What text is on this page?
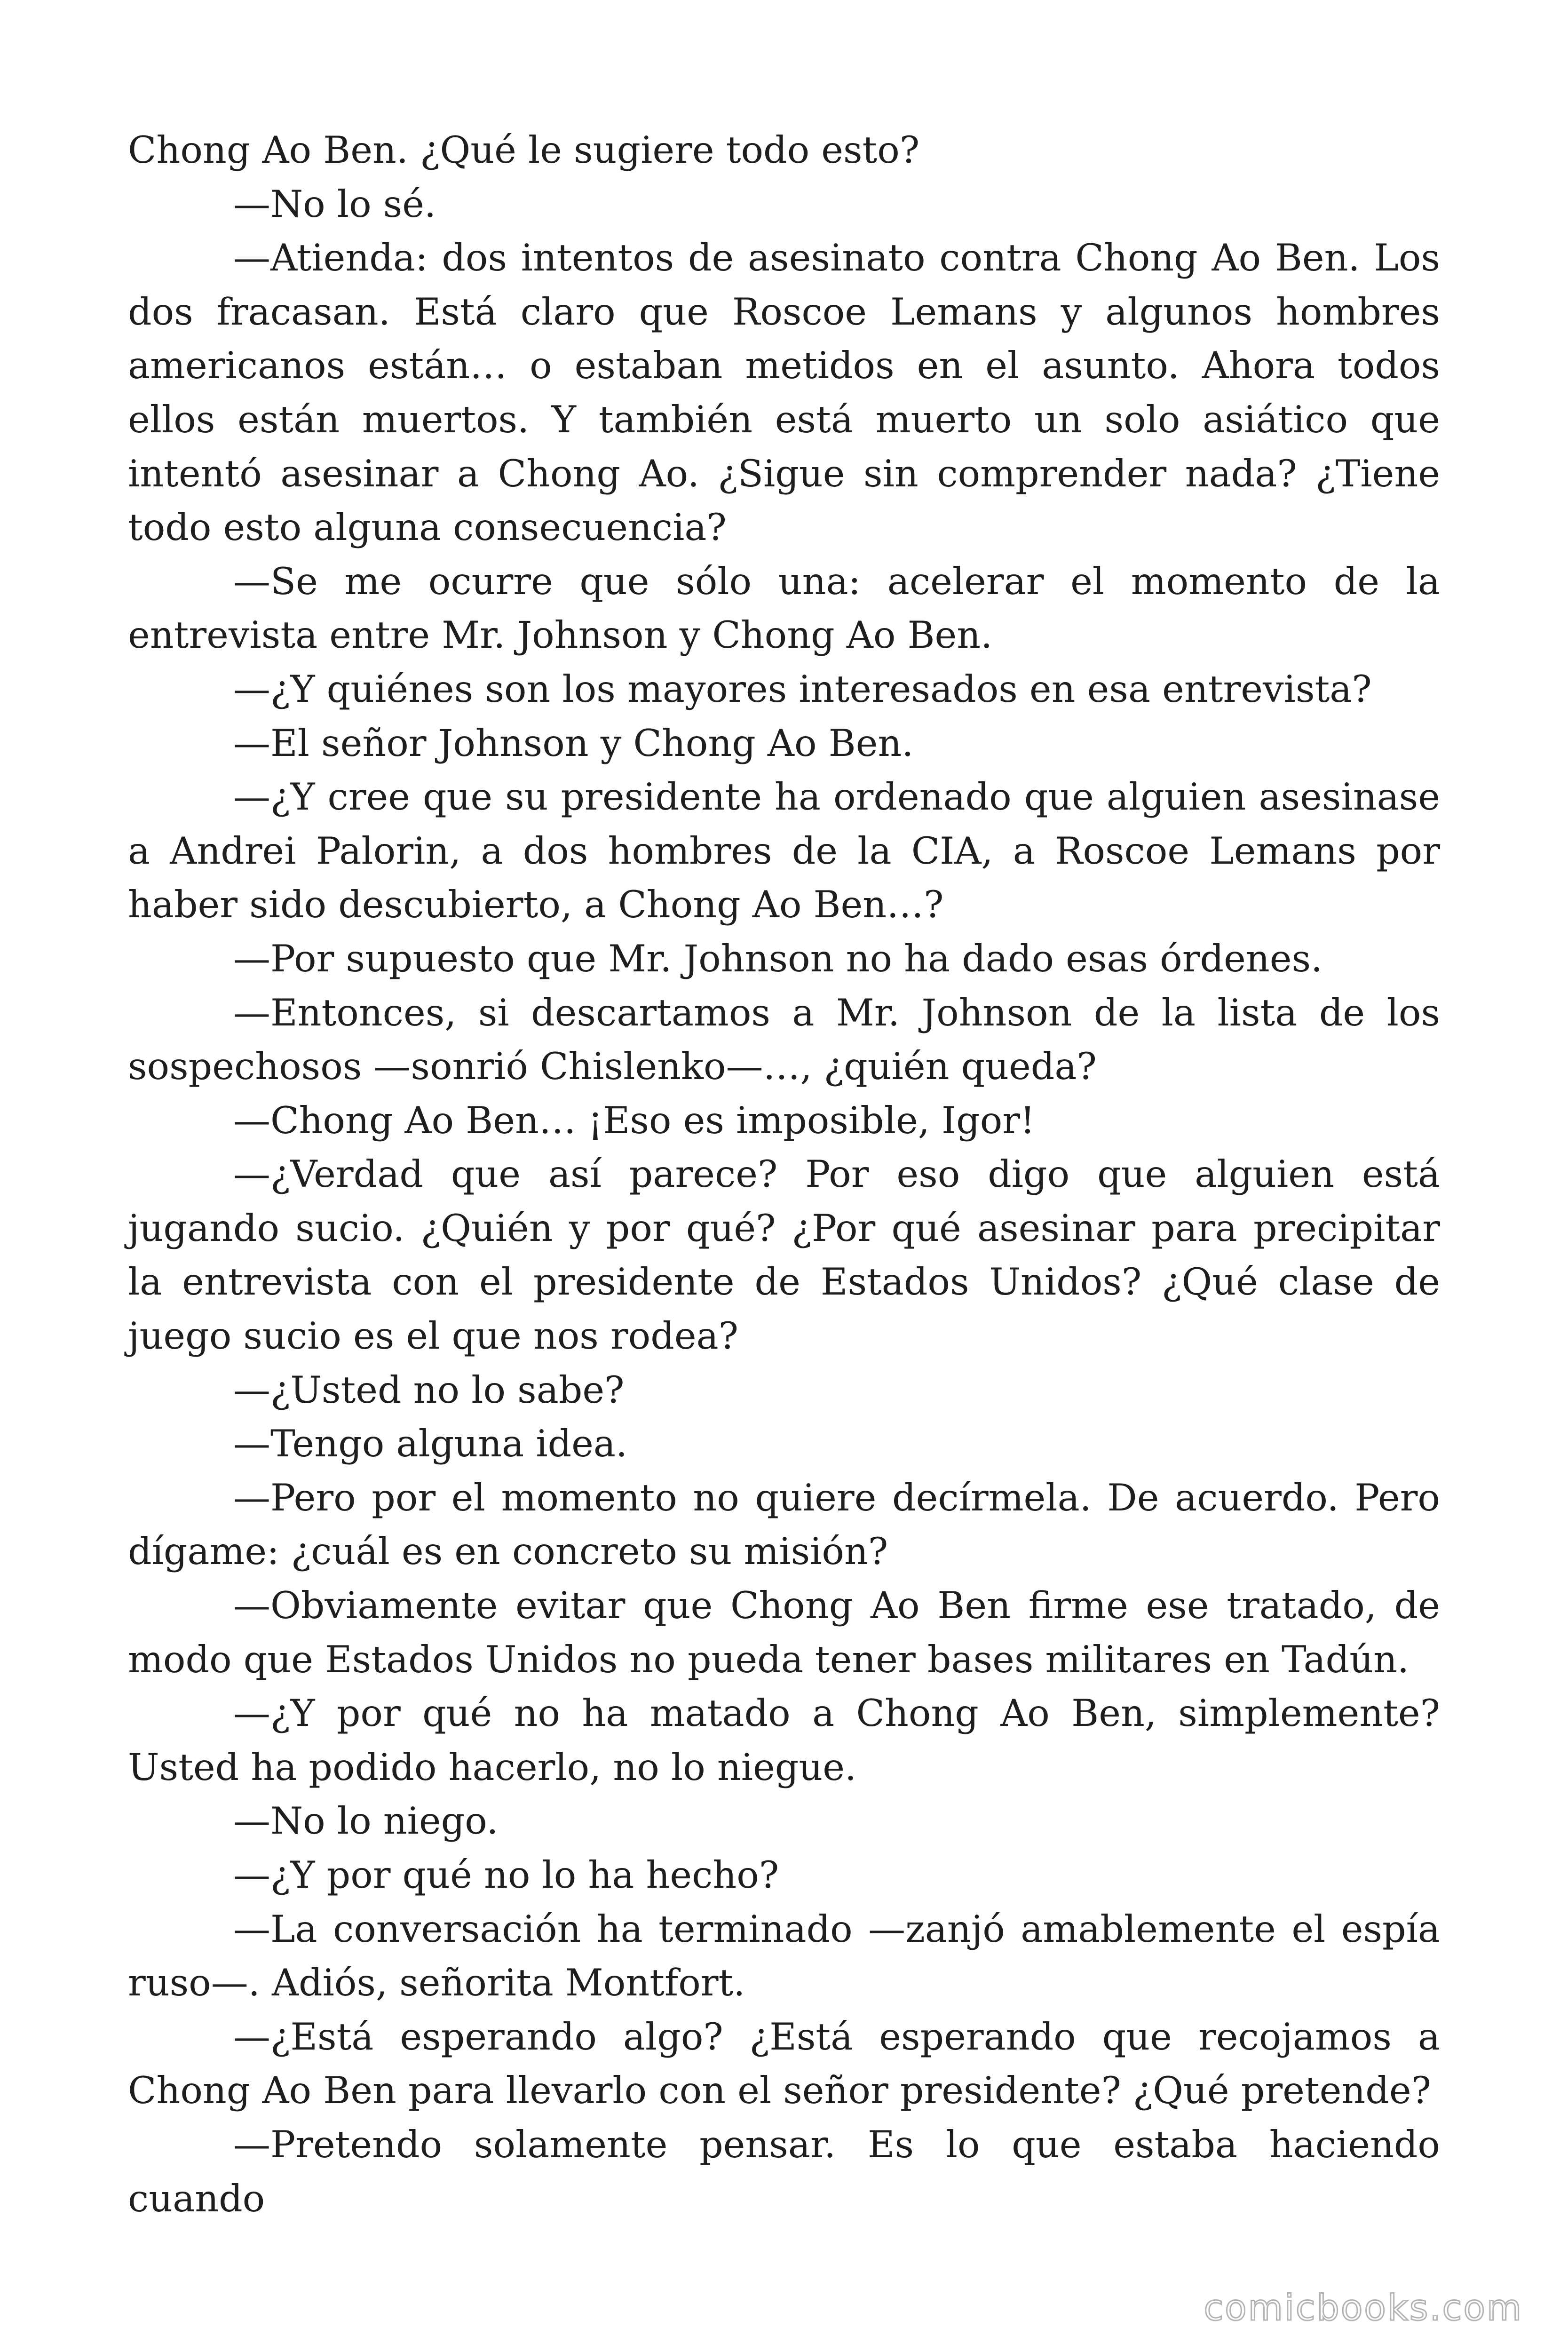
Chong Ao Ben. ¿Qué le sugiere todo esto?

—No lo sé.

—Atienda: dos intentos de asesinato contra Chong Ao Ben. Los dos fracasan. Está claro que Roscoe Lemans y algunos hombres americanos están… o estaban metidos en el asunto. Ahora todos ellos están muertos. Y también está muerto un solo asiático que intentó asesinar a Chong Ao. ¿Sigue sin comprender nada? ¿Tiene todo esto alguna consecuencia?

—Se me ocurre que sólo una: acelerar el momento de la entrevista entre Mr. Johnson y Chong Ao Ben.

—¿Y quiénes son los mayores interesados en esa entrevista?

—El señor Johnson y Chong Ao Ben.

—¿Y cree que su presidente ha ordenado que alguien asesinase a Andrei Palorin, a dos hombres de la CIA, a Roscoe Lemans por haber sido descubierto, a Chong Ao Ben…?

—Por supuesto que Mr. Johnson no ha dado esas órdenes.

—Entonces, si descartamos a Mr. Johnson de la lista de los sospechosos —sonrió Chislenko—…, ¿quién queda?

—Chong Ao Ben… ¡Eso es imposible, Igor!

—¿Verdad que así parece? Por eso digo que alguien está jugando sucio. ¿Quién y por qué? ¿Por qué asesinar para precipitar la entrevista con el presidente de Estados Unidos? ¿Qué clase de juego sucio es el que nos rodea?

—¿Usted no lo sabe?

—Tengo alguna idea.

—Pero por el momento no quiere decírmela. De acuerdo. Pero dígame: ¿cuál es en concreto su misión?

—Obviamente evitar que Chong Ao Ben firme ese tratado, de modo que Estados Unidos no pueda tener bases militares en Tadún.

—¿Y por qué no ha matado a Chong Ao Ben, simplemente? Usted ha podido hacerlo, no lo niegue.

—No lo niego.

—¿Y por qué no lo ha hecho?

—La conversación ha terminado —zanjó amablemente el espía ruso—. Adiós, señorita Montfort.

—¿Está esperando algo? ¿Está esperando que recojamos a Chong Ao Ben para llevarlo con el señor presidente? ¿Qué pretende?

—Pretendo solamente pensar. Es lo que estaba haciendo cuando

comicbooks.com
